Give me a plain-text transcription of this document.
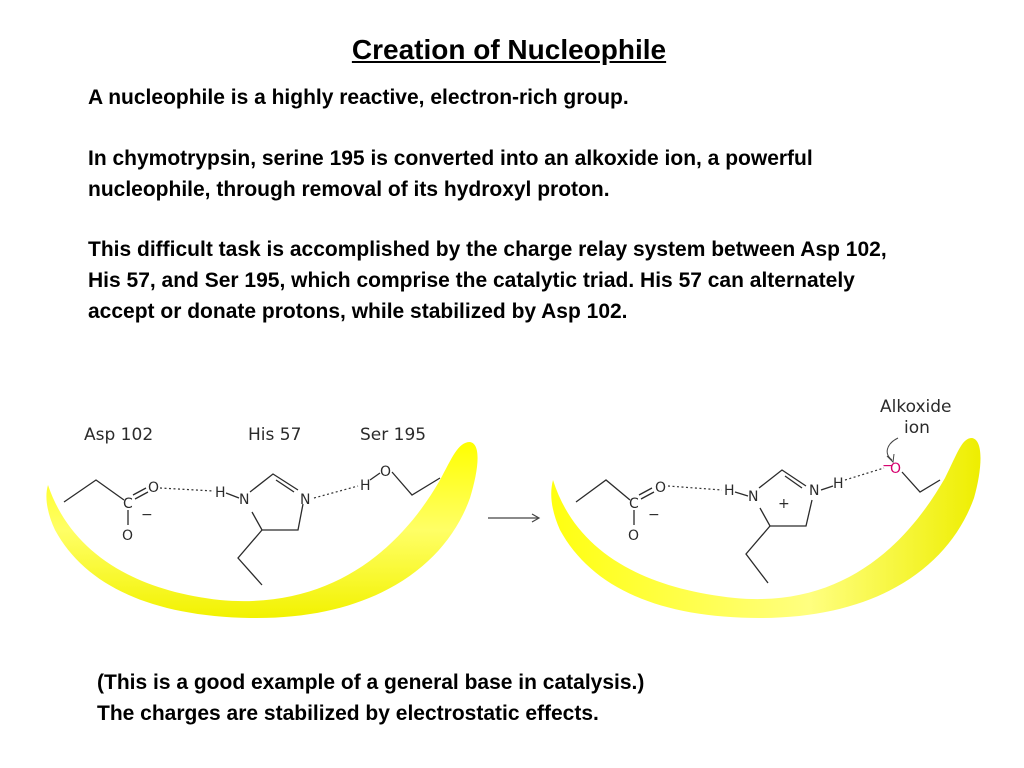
Creation of Nucleophile
A nucleophile is a highly reactive, electron-rich group.
In chymotrypsin, serine 195 is converted into an alkoxide ion, a powerful nucleophile, through removal of its hydroxyl proton.
This difficult task is accomplished by the charge relay system between Asp 102, His 57, and Ser 195, which comprise the catalytic triad. His 57 can alternately accept or donate protons, while stabilized by Asp 102.
Asp 102	His 57	Ser 195
C
O
O
−
H N	N
H
O
Alkoxide
ion
C
O
O
−
H N +
N H
−
O
(This is a good example of a general base in catalysis.)
The charges are stabilized by electrostatic effects.
